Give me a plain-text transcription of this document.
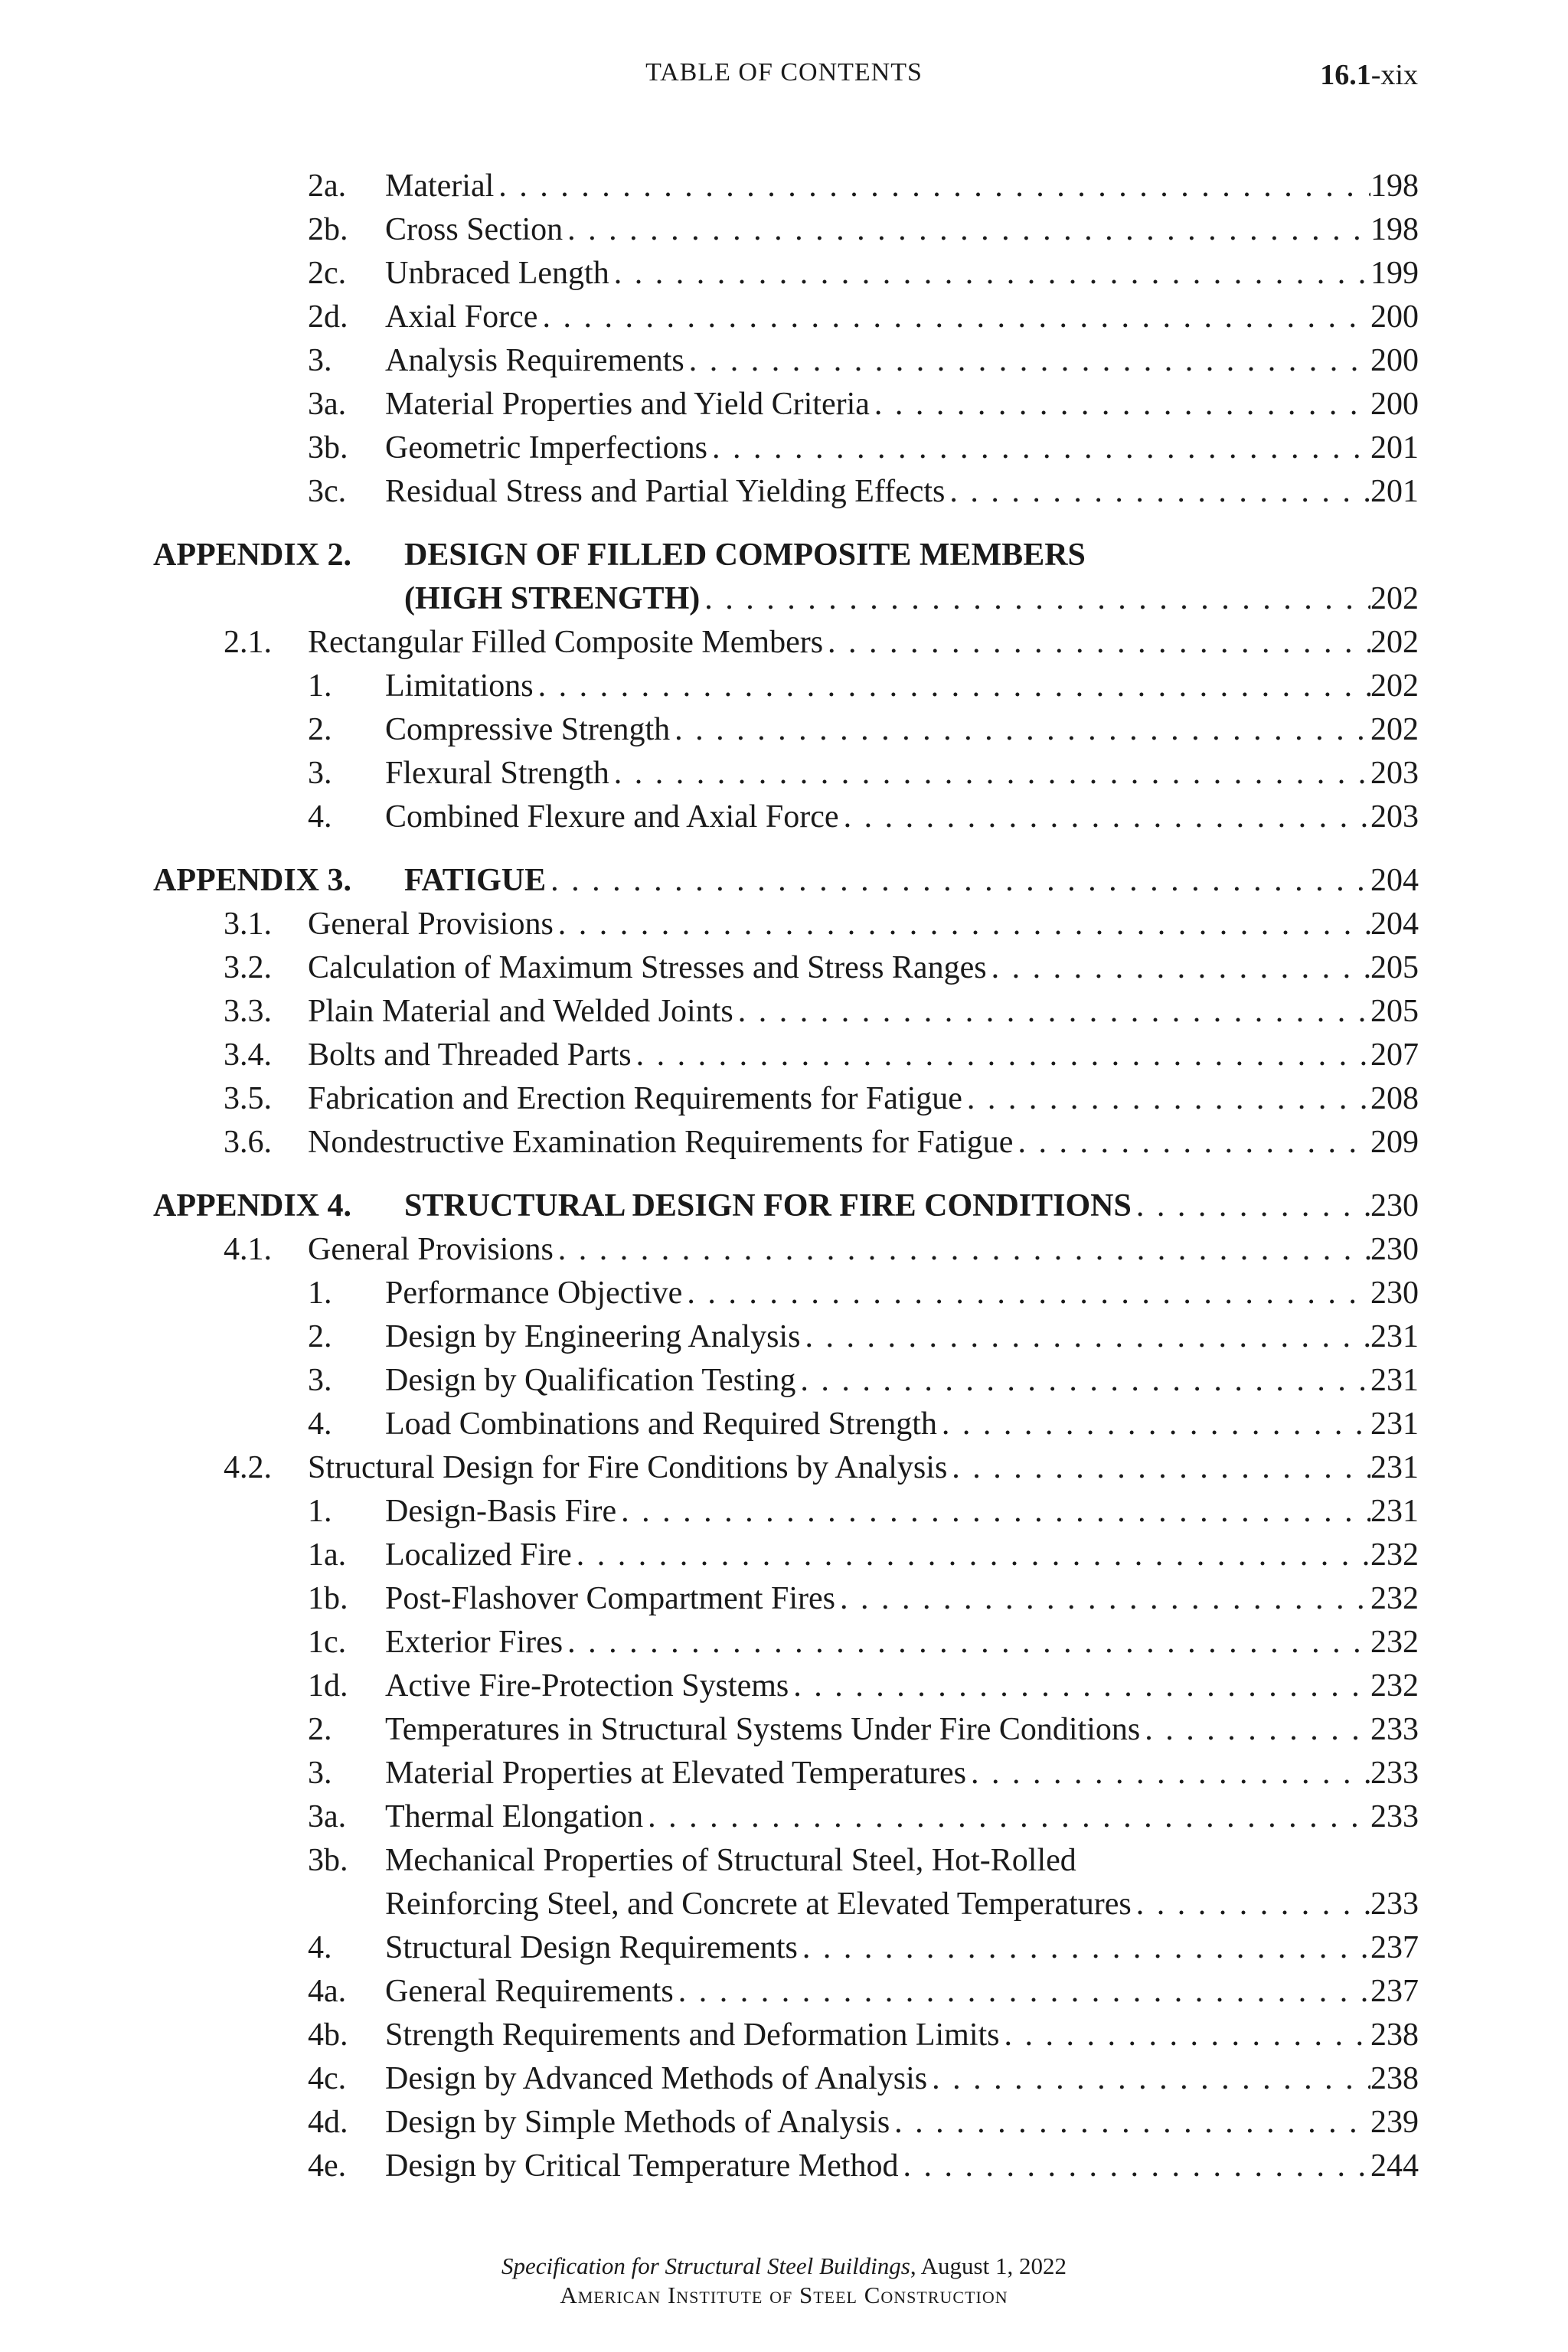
TABLE OF CONTENTS	16.1-xix
2a. Material . . .	198
2b. Cross Section . . .	198
2c. Unbraced Length . . .	199
2d. Axial Force . . .	200
3. Analysis Requirements . . .	200
3a. Material Properties and Yield Criteria . . .	200
3b. Geometric Imperfections . . .	201
3c. Residual Stress and Partial Yielding Effects . . .	201
APPENDIX 2. DESIGN OF FILLED COMPOSITE MEMBERS
(HIGH STRENGTH) . . .	202
2.1. Rectangular Filled Composite Members . . .	202
1. Limitations . . .	202
2. Compressive Strength . . .	202
3. Flexural Strength . . .	203
4. Combined Flexure and Axial Force . . .	203
APPENDIX 3. FATIGUE . . .	204
3.1. General Provisions . . .	204
3.2. Calculation of Maximum Stresses and Stress Ranges . . .	205
3.3. Plain Material and Welded Joints . . .	205
3.4. Bolts and Threaded Parts . . .	207
3.5. Fabrication and Erection Requirements for Fatigue . . .	208
3.6. Nondestructive Examination Requirements for Fatigue . . .	209
APPENDIX 4. STRUCTURAL DESIGN FOR FIRE CONDITIONS . . .	230
4.1. General Provisions . . .	230
1. Performance Objective . . .	230
2. Design by Engineering Analysis . . .	231
3. Design by Qualification Testing . . .	231
4. Load Combinations and Required Strength . . .	231
4.2. Structural Design for Fire Conditions by Analysis . . .	231
1. Design-Basis Fire . . .	231
1a. Localized Fire . . .	232
1b. Post-Flashover Compartment Fires . . .	232
1c. Exterior Fires . . .	232
1d. Active Fire-Protection Systems . . .	232
2. Temperatures in Structural Systems Under Fire Conditions . . .	233
3. Material Properties at Elevated Temperatures . . .	233
3a. Thermal Elongation . . .	233
3b. Mechanical Properties of Structural Steel, Hot-Rolled
Reinforcing Steel, and Concrete at Elevated Temperatures . . .	233
4. Structural Design Requirements . . .	237
4a. General Requirements . . .	237
4b. Strength Requirements and Deformation Limits . . .	238
4c. Design by Advanced Methods of Analysis . . .	238
4d. Design by Simple Methods of Analysis . . .	239
4e. Design by Critical Temperature Method . . .	244
Specification for Structural Steel Buildings, August 1, 2022
American Institute of Steel Construction
